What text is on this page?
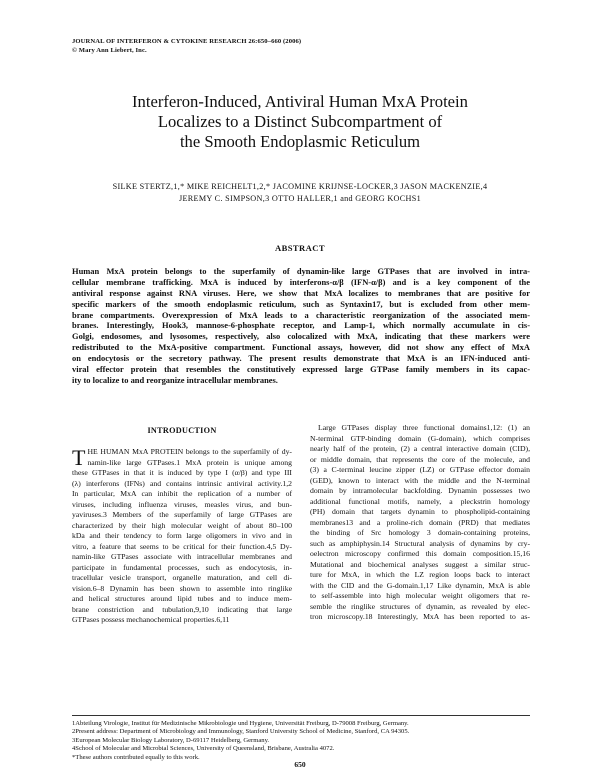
JOURNAL OF INTERFERON & CYTOKINE RESEARCH 26:650–660 (2006)
© Mary Ann Liebert, Inc.
Interferon-Induced, Antiviral Human MxA Protein
Localizes to a Distinct Subcompartment of
the Smooth Endoplasmic Reticulum
SILKE STERTZ,1,* MIKE REICHELT1,2,* JACOMINE KRIJNSE-LOCKER,3 JASON MACKENZIE,4
JEREMY C. SIMPSON,3 OTTO HALLER,1 and GEORG KOCHS1
ABSTRACT
Human MxA protein belongs to the superfamily of dynamin-like large GTPases that are involved in intra-
cellular membrane trafficking. MxA is induced by interferons-α/β (IFN-α/β) and is a key component of the
antiviral response against RNA viruses. Here, we show that MxA localizes to membranes that are positive for
specific markers of the smooth endoplasmic reticulum, such as Syntaxin17, but is excluded from other mem-
brane compartments. Overexpression of MxA leads to a characteristic reorganization of the associated mem-
branes. Interestingly, Hook3, mannose-6-phosphate receptor, and Lamp-1, which normally accumulate in cis-
Golgi, endosomes, and lysosomes, respectively, also colocalized with MxA, indicating that these markers were
redistributed to the MxA-positive compartment. Functional assays, however, did not show any effect of MxA
on endocytosis or the secretory pathway. The present results demonstrate that MxA is an IFN-induced anti-
viral effector protein that resembles the constitutively expressed large GTPase family members in its capac-
ity to localize to and reorganize intracellular membranes.
INTRODUCTION
THE HUMAN MxA PROTEIN belongs to the superfamily of dy-
namin-like large GTPases.1 MxA protein is unique among
these GTPases in that it is induced by type I (α/β) and type III
(λ) interferons (IFNs) and contains intrinsic antiviral activity.1,2
In particular, MxA can inhibit the replication of a number of
viruses, including influenza viruses, measles virus, and bun-
yaviruses.3 Members of the superfamily of large GTPases are
characterized by their high molecular weight of about 80–100
kDa and their tendency to form large oligomers in vivo and in
vitro, a feature that seems to be critical for their function.4,5 Dy-
namin-like GTPases associate with intracellular membranes and
participate in fundamental processes, such as endocytosis, in-
tracellular vesicle transport, organelle maturation, and cell di-
vision.6–8 Dynamin has been shown to assemble into ringlike
and helical structures around lipid tubes and to induce mem-
brane constriction and tubulation,9,10 indicating that large
GTPases possess mechanochemical properties.6,11
Large GTPases display three functional domains1,12: (1) an
N-terminal GTP-binding domain (G-domain), which comprises
nearly half of the protein, (2) a central interactive domain (CID),
or middle domain, that represents the core of the molecule, and
(3) a C-terminal leucine zipper (LZ) or GTPase effector domain
(GED), known to interact with the middle and the N-terminal
domain by intramolecular backfolding. Dynamin possesses two
additional functional motifs, namely, a pleckstrin homology
(PH) domain that targets dynamin to phospholipid-containing
membranes13 and a proline-rich domain (PRD) that mediates
the binding of Src homology 3 domain-containing proteins,
such as amphiphysin.14 Structural analysis of dynamins by cry-
oelectron microscopy confirmed this domain composition.15,16
Mutational and biochemical analyses suggest a similar struc-
ture for MxA, in which the LZ region loops back to interact
with the CID and the G-domain.1,17 Like dynamin, MxA is able
to self-assemble into high molecular weight oligomers that re-
semble the ringlike structures of dynamin, as revealed by elec-
tron microscopy.18 Interestingly, MxA has been reported to as-
1Abteilung Virologie, Institut für Medizinische Mikrobiologie und Hygiene, Universität Freiburg, D-79008 Freiburg, Germany.
2Present address: Department of Microbiology and Immunology, Stanford University School of Medicine, Stanford, CA 94305.
3European Molecular Biology Laboratory, D-69117 Heidelberg, Germany.
4School of Molecular and Microbial Sciences, University of Queensland, Brisbane, Australia 4072.
*These authors contributed equally to this work.
650
